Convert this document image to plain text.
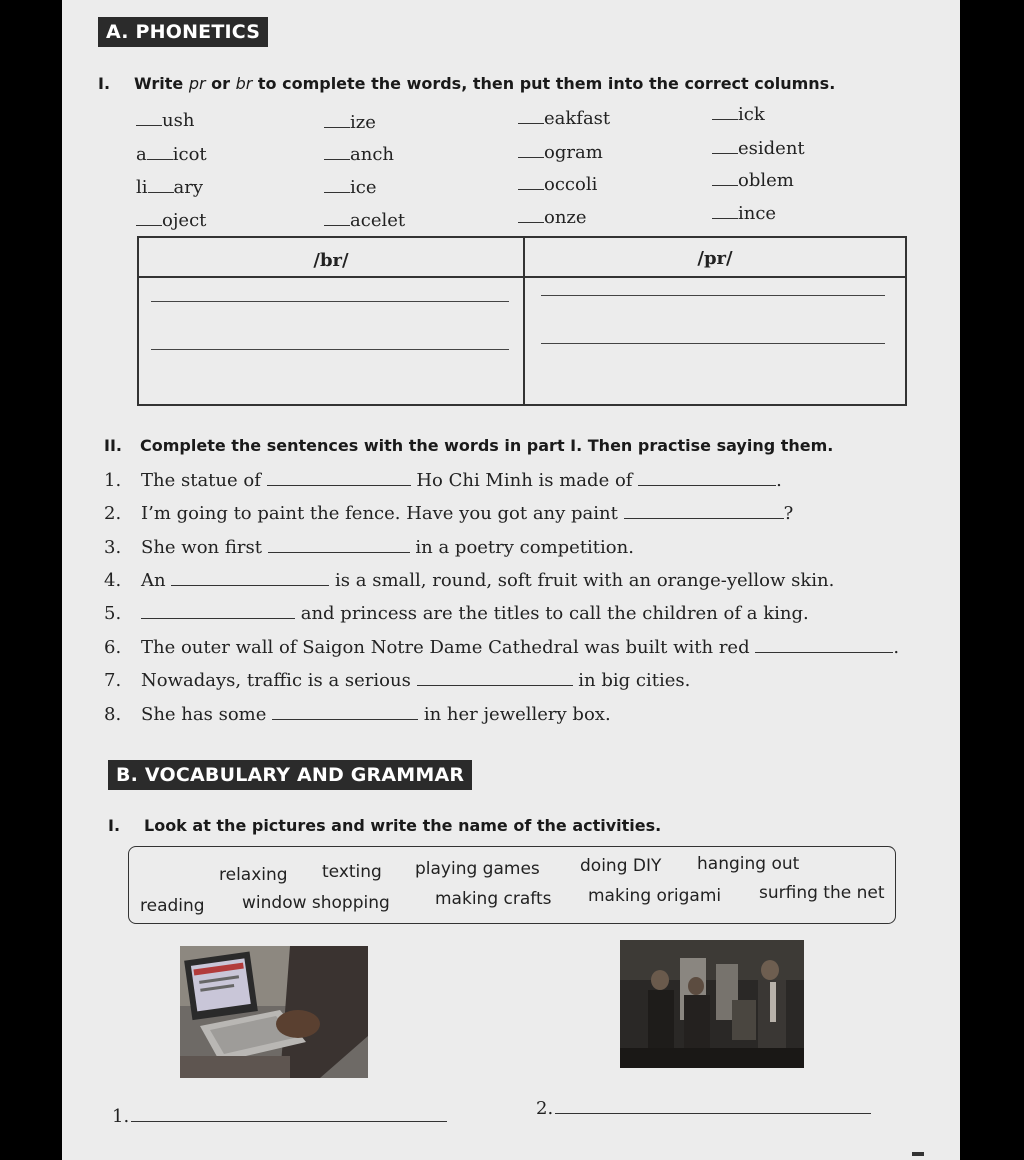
A. PHONETICS
I. Write pr or br to complete the words, then put them into the correct columns.
ush	ize	eakfast	ick
a icot	anch	ogram	esident
li ary	ice	occoli	oblem
oject	acelet	onze	ince
/br/	/pr/
II. Complete the sentences with the words in part I. Then practise saying them.
1. The statue of	Ho Chi Minh is made of	.
2. I’m going to paint the fence. Have you got any paint	?
3. She won first	in a poetry competition.
4. An	is a small, round, soft fruit with an orange-yellow skin.
5.	and princess are the titles to call the children of a king.
6. The outer wall of Saigon Notre Dame Cathedral was built with red	.
7. Nowadays, traffic is a serious	in big cities.
8. She has some	in her jewellery box.
B. VOCABULARY AND GRAMMAR
I. Look at the pictures and write the name of the activities.
relaxing texting playing games doing DIY hanging out
reading window shopping	making crafts making origami surfing the net
1.	2.
